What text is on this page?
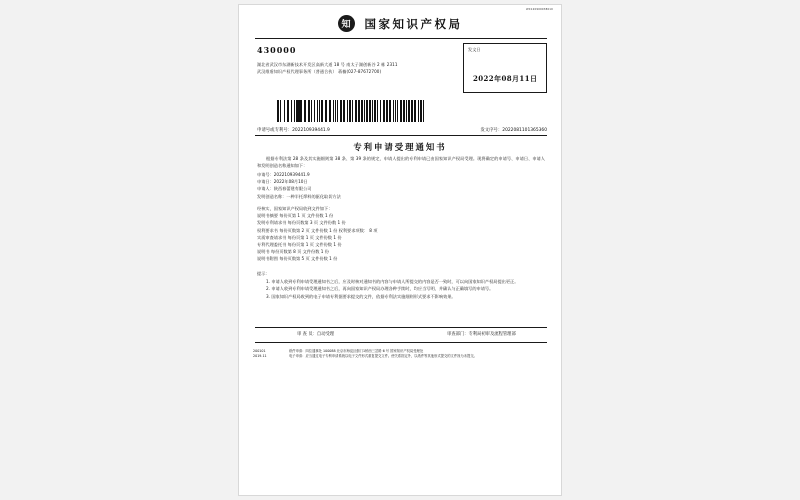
WX120909038010
知	国家知识产权局
430000
湖北省武汉市东湖新技术开发区高新大道 18 号 南太子湖创新谷 2 栋 2311
武汉维盾知识产权代理事务所（普通合伙） 蒋楠(027-87672700)
发文日
2022年08月11日
申请号或专利号：202210939441.9	发文序号：2022081101365360
专利申请受理通知书
根据专利法第 28 条及其实施细则第 38 条、第 39 条的规定，申请人提出的专利申请已由国家知识产权局受理。现将确定的申请号、申请日、申请人和发明创造名称通知如下：
申请号：202210939441.9
申请日：2022年08月10日
申请人：陕西春蕾建有限公司
发明创造名称：一种半托焊料的驱化取切方法
经核实，国家知识产权局收到文件如下：
说明书摘要 每份页第 1 页 文件份数 1 份
发明专利请求书 每份页数第 3 页 文件份数 1 份
权利要求书 每份页数第 2 页 文件份数 1 份 权利要求项数： 8 项
实质审查请求书 每份页第 1 页 文件份数 1 份
专利代理委托书 每份页第 1 页 文件份数 1 份
说明书 每份页数第 8 页 文件份数 1 份
说明书附图 每份页数第 5 页 文件份数 1 份
提示：
1. 申请人收到专利申请受理通知书之后，应及时核对通知书的内容与申请人所提交的内容是否一致时，可以向国家知识产权局提出更正。
2. 申请人收到专利申请受理通知书之后，再向国家知识产权局办理各种手续时，均应当写明、并确认与正确填写的申请号。
3. 国家知识产权局收到的电子申请专利据要求提交的文件，依据专利法实施细则形式要求不影响效果。
审 查 员：自动受理	审查部门：专利局初审及流程管理部
200101	纸件申请：四位通事处 100088 北京市海淀区蓟门1桥西三岔路 6 号 国家知识产权局受理处
2019.11	电子申请：应当通过电子专利申请系统以电子文件形式重复提交文件。使关系指定外，以纸件等其他形式提交的文件视为未提交。
